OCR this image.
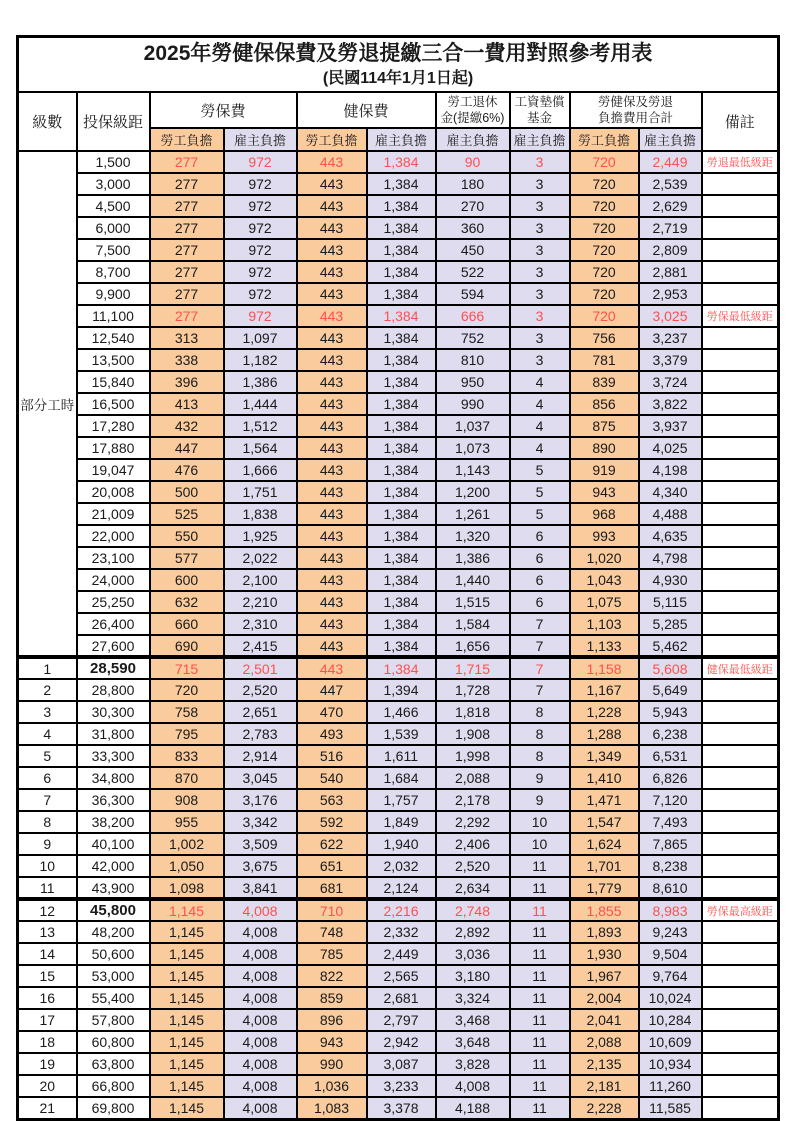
2025年勞健保保費及勞退提繳三合一費用對照參考用表
(民國114年1月1日起)										

級數	投保級距	勞保費	健保費	
勞工退休
金(提繳6%)

工資墊償
基金

勞健保及勞退
負擔費用合計	備註
		勞工負擔	雇主負擔	勞工負擔	雇主負擔	雇主負擔	雇主負擔	勞工負擔	雇主負擔	
部分工時	1,500	277	972	443	1,384	90	3	720	2,449	勞退最低級距
	3,000	277	972	443	1,384	180	3	720	2,539	
	4,500	277	972	443	1,384	270	3	720	2,629	
	6,000	277	972	443	1,384	360	3	720	2,719	
	7,500	277	972	443	1,384	450	3	720	2,809	
	8,700	277	972	443	1,384	522	3	720	2,881	
	9,900	277	972	443	1,384	594	3	720	2,953	
	11,100	277	972	443	1,384	666	3	720	3,025	勞保最低級距
	12,540	313	1,097	443	1,384	752	3	756	3,237	
	13,500	338	1,182	443	1,384	810	3	781	3,379	
	15,840	396	1,386	443	1,384	950	4	839	3,724	
	16,500	413	1,444	443	1,384	990	4	856	3,822	
	17,280	432	1,512	443	1,384	1,037	4	875	3,937	
	17,880	447	1,564	443	1,384	1,073	4	890	4,025	
	19,047	476	1,666	443	1,384	1,143	5	919	4,198	
	20,008	500	1,751	443	1,384	1,200	5	943	4,340	
	21,009	525	1,838	443	1,384	1,261	5	968	4,488	
	22,000	550	1,925	443	1,384	1,320	6	993	4,635	
	23,100	577	2,022	443	1,384	1,386	6	1,020	4,798	
	24,000	600	2,100	443	1,384	1,440	6	1,043	4,930	
	25,250	632	2,210	443	1,384	1,515	6	1,075	5,115	
	26,400	660	2,310	443	1,384	1,584	7	1,103	5,285	
	27,600	690	2,415	443	1,384	1,656	7	1,133	5,462	
1	28,590	715	2,501	443	1,384	1,715	7	1,158	5,608	健保最低級距
2	28,800	720	2,520	447	1,394	1,728	7	1,167	5,649	
3	30,300	758	2,651	470	1,466	1,818	8	1,228	5,943	
4	31,800	795	2,783	493	1,539	1,908	8	1,288	6,238	
5	33,300	833	2,914	516	1,611	1,998	8	1,349	6,531	
6	34,800	870	3,045	540	1,684	2,088	9	1,410	6,826	
7	36,300	908	3,176	563	1,757	2,178	9	1,471	7,120	
8	38,200	955	3,342	592	1,849	2,292	10	1,547	7,493	
9	40,100	1,002	3,509	622	1,940	2,406	10	1,624	7,865	
10	42,000	1,050	3,675	651	2,032	2,520	11	1,701	8,238	
11	43,900	1,098	3,841	681	2,124	2,634	11	1,779	8,610	
12	45,800	1,145	4,008	710	2,216	2,748	11	1,855	8,983	勞保最高級距
13	48,200	1,145	4,008	748	2,332	2,892	11	1,893	9,243	
14	50,600	1,145	4,008	785	2,449	3,036	11	1,930	9,504	
15	53,000	1,145	4,008	822	2,565	3,180	11	1,967	9,764	
16	55,400	1,145	4,008	859	2,681	3,324	11	2,004	10,024	
17	57,800	1,145	4,008	896	2,797	3,468	11	2,041	10,284	
18	60,800	1,145	4,008	943	2,942	3,648	11	2,088	10,609	
19	63,800	1,145	4,008	990	3,087	3,828	11	2,135	10,934	
20	66,800	1,145	4,008	1,036	3,233	4,008	11	2,181	11,260	
21	69,800	1,145	4,008	1,083	3,378	4,188	11	2,228	11,585	
